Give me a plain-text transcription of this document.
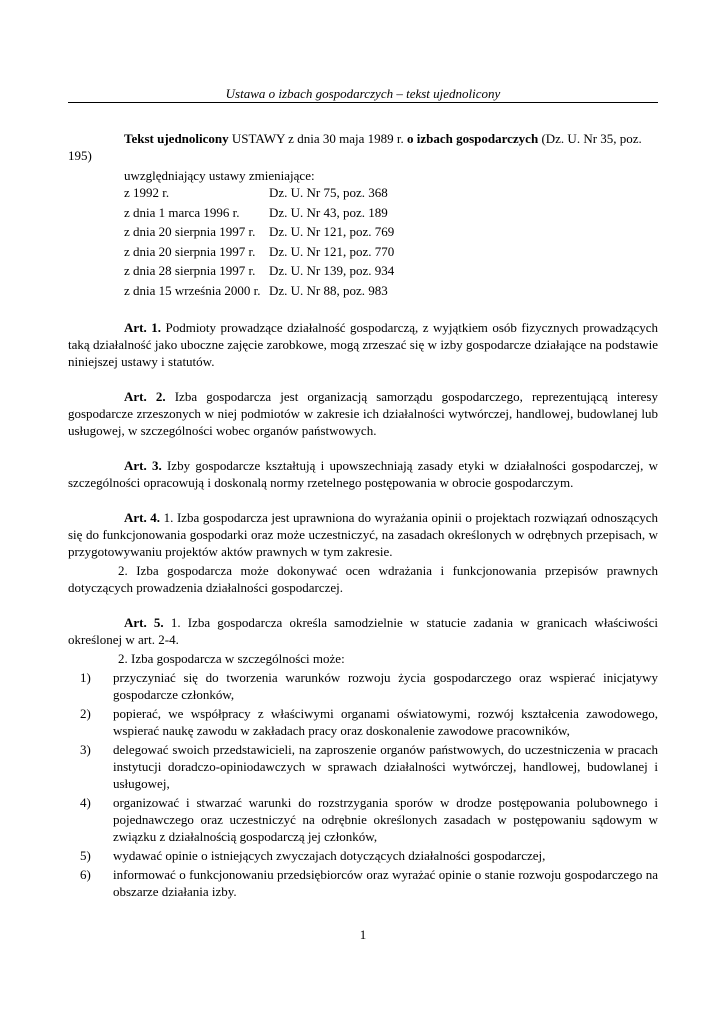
Ustawa o izbach gospodarczych – tekst ujednolicony
Tekst ujednolicony USTAWY z dnia 30 maja 1989 r. o izbach gospodarczych (Dz. U. Nr 35, poz. 195)
uwzględniający ustawy zmieniające:
z 1992 r.	Dz. U. Nr 75, poz. 368
z dnia 1 marca 1996 r.	Dz. U. Nr 43, poz. 189
z dnia 20 sierpnia 1997 r.	Dz. U. Nr 121, poz. 769
z dnia 20 sierpnia 1997 r.	Dz. U. Nr 121, poz. 770
z dnia 28 sierpnia 1997 r.	Dz. U. Nr 139, poz. 934
z dnia 15 września 2000 r.	Dz. U. Nr 88, poz. 983

Art. 1. Podmioty prowadzące działalność gospodarczą, z wyjątkiem osób fizycznych prowadzących taką działalność jako uboczne zajęcie zarobkowe, mogą zrzeszać się w izby gospodarcze działające na podstawie niniejszej ustawy i statutów.

Art. 2. Izba gospodarcza jest organizacją samorządu gospodarczego, reprezentującą interesy gospodarcze zrzeszonych w niej podmiotów w zakresie ich działalności wytwórczej, handlowej, budowlanej lub usługowej, w szczególności wobec organów państwowych.

Art. 3. Izby gospodarcze kształtują i upowszechniają zasady etyki w działalności gospodarczej, w szczególności opracowują i doskonalą normy rzetelnego postępowania w obrocie gospodarczym.

Art. 4. 1. Izba gospodarcza jest uprawniona do wyrażania opinii o projektach rozwiązań odnoszących się do funkcjonowania gospodarki oraz może uczestniczyć, na zasadach określonych w odrębnych przepisach, w przygotowywaniu projektów aktów prawnych w tym zakresie.

2. Izba gospodarcza może dokonywać ocen wdrażania i funkcjonowania przepisów prawnych dotyczących prowadzenia działalności gospodarczej.

Art. 5. 1. Izba gospodarcza określa samodzielnie w statucie zadania w granicach właściwości określonej w art. 2-4.

2. Izba gospodarcza w szczególności może:

1) przyczyniać się do tworzenia warunków rozwoju życia gospodarczego oraz wspierać inicjatywy gospodarcze członków,
2) popierać, we współpracy z właściwymi organami oświatowymi, rozwój kształcenia zawodowego, wspierać naukę zawodu w zakładach pracy oraz doskonalenie zawodowe pracowników,
3) delegować swoich przedstawicieli, na zaproszenie organów państwowych, do uczestniczenia w pracach instytucji doradczo-opiniodawczych w sprawach działalności wytwórczej, handlowej, budowlanej i usługowej,
4) organizować i stwarzać warunki do rozstrzygania sporów w drodze postępowania polubownego i pojednawczego oraz uczestniczyć na odrębnie określonych zasadach w postępowaniu sądowym w związku z działalnością gospodarczą jej członków,
5) wydawać opinie o istniejących zwyczajach dotyczących działalności gospodarczej,
6) informować o funkcjonowaniu przedsiębiorców oraz wyrażać opinie o stanie rozwoju gospodarczego na obszarze działania izby.
1
